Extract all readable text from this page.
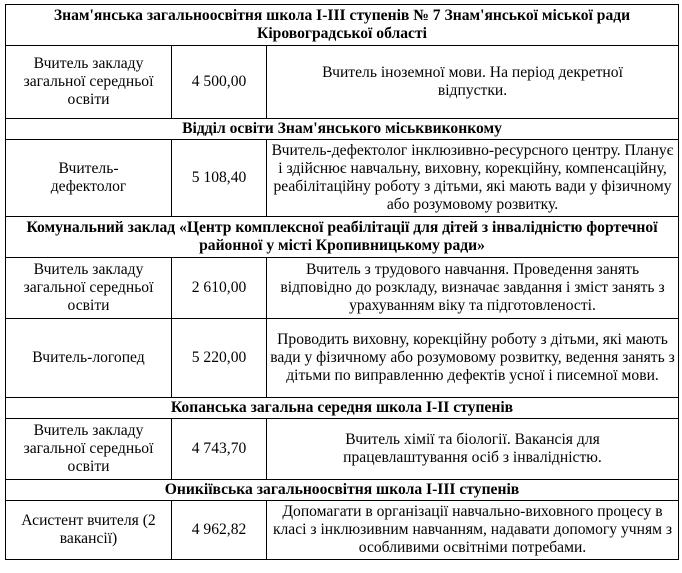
Знам'янська загальноосвітня школа І-ІІІ ступенів № 7 Знам'янської міської ради Кіровоградської області		
Вчитель закладу загальної середньої освіти	4 500,00	Вчитель іноземної мови. На період декретної відпустки.
Відділ освіти Знам'янського міськвиконкому		
Вчитель-дефектолог	5 108,40	Вчитель-дефектолог інклюзивно-ресурсного центру. Планує і здійснює навчальну, виховну, корекційну, компенсаційну, реабілітаційну роботу з дітьми, які мають вади у фізичному або розумовому розвитку.
Комунальний заклад «Центр комплексної реабілітації для дітей з інвалідністю фортечної районної у місті Кропивницькому ради»		
Вчитель закладу загальної середньої освіти	2 610,00	Вчитель з трудового навчання. Проведення занять відповідно до розкладу, визначає завдання і зміст занять з урахуванням віку та підготовленості.
Вчитель-логопед	5 220,00	Проводить виховну, корекційну роботу з дітьми, які мають вади у фізичному або розумовому розвитку, ведення занять з дітьми по виправленню дефектів усної і писемної мови.
Копанська загальна середня школа І-ІІ ступенів		
Вчитель закладу загальної середньої освіти	4 743,70	Вчитель хімії та біології. Вакансія для працевлаштування осіб з інвалідністю.
Оникіївська загальноосвітня школа І-ІІІ ступенів		
Асистент вчителя (2 вакансії)	4 962,82	Допомагати в організації навчально-виховного процесу в класі з інклюзивним навчанням, надавати допомогу учням з особливими освітніми потребами.
